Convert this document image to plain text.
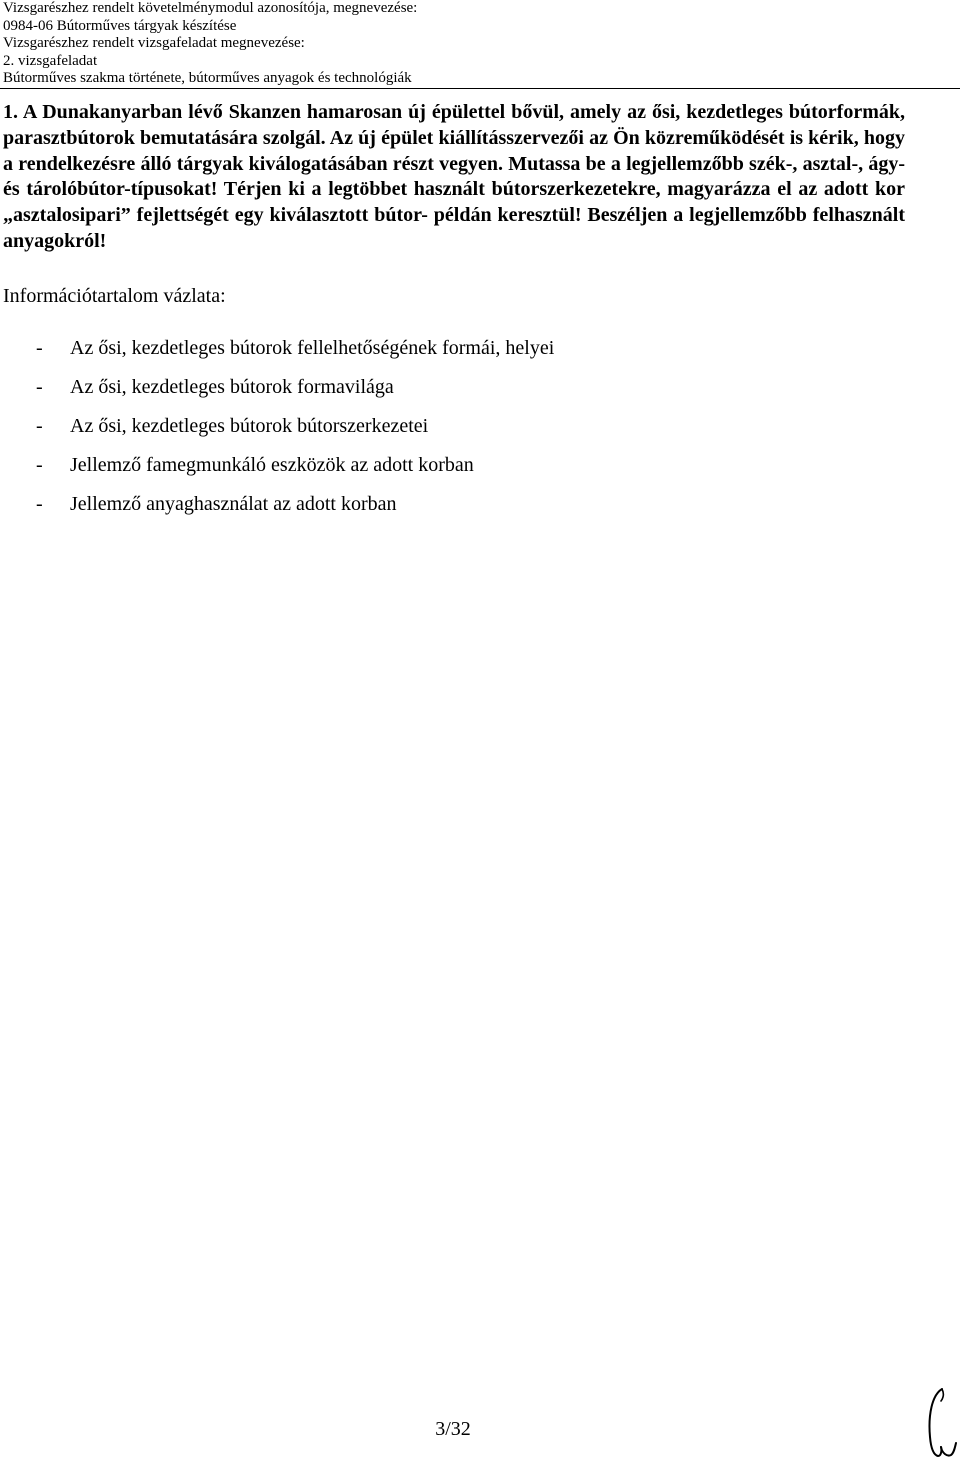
Vizsgarészhez rendelt követelménymodul azonosítója, megnevezése:
0984-06 Bútorműves tárgyak készítése
Vizsgarészhez rendelt vizsgafeladat megnevezése:
2. vizsgafeladat
Bútorműves szakma története, bútorműves anyagok és technológiák
1. A Dunakanyarban lévő Skanzen hamarosan új épülettel bővül, amely az ősi, kezdetleges bútorformák, parasztbútorok bemutatására szolgál. Az új épület kiállításszervezői az Ön közreműködését is kérik, hogy a rendelkezésre álló tárgyak kiválogatásában részt vegyen. Mutassa be a legjellemzőbb szék-, asztal-, ágy- és tárolóbútor-típusokat! Térjen ki a legtöbbet használt bútorszerkezetekre, magyarázza el az adott kor „asztalosipari” fejlettségét egy kiválasztott bútor- példán keresztül! Beszéljen a legjellemzőbb felhasznált anyagokról!
Információtartalom vázlata:
- Az ősi, kezdetleges bútorok fellelhetőségének formái, helyei
- Az ősi, kezdetleges bútorok formavilága
- Az ősi, kezdetleges bútorok bútorszerkezetei
- Jellemző famegmunkáló eszközök az adott korban
- Jellemző anyaghasználat az adott korban
3/32
